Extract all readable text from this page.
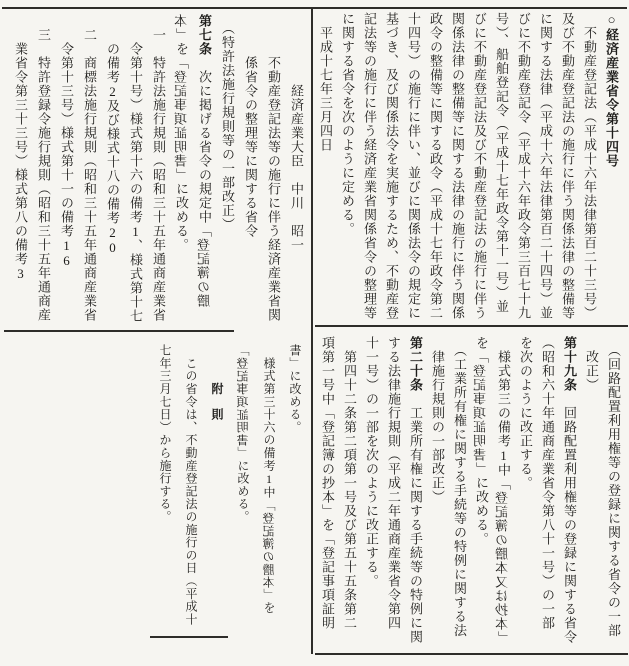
○経済産業省令第十四号
　不動産登記法（平成十六年法律第百二十三号）
及び不動産登記法の施行に伴う関係法律の整備等
に関する法律（平成十六年法律第百二十四号）並
びに不動産登記令（平成十六年政令第三百七十九
号）、船舶登記令（平成十七年政令第十一号）並
びに不動産登記法及び不動産登記法の施行に伴う
関係法律の整備等に関する法律の施行に伴う関係
政令の整備等に関する政令（平成十七年政令第二
十四号）の施行に伴い、並びに関係法令の規定に
基づき、及び関係法令を実施するため、不動産登
記法等の施行に伴う経済産業省関係省令の整理等
に関する省令を次のように定める。
　平成十七年三月四日
　　　　　経済産業大臣　中川　昭一
　　　不動産登記法等の施行に伴う経済産業省関
　　　係省令の整理等に関する省令
　（特許法施行規則等の一部改正）
第七条　次に掲げる省令の規定中「登記簿の謄
本」を「登記事項証明書」に改める。
　一　特許法施行規則（昭和三十五年通商産業省
　　令第十号）様式第十六の備考1、様式第十七
　　の備考2及び様式十八の備考20
　二　商標法施行規則（昭和三十五年通商産業省
　　令第十三号）様式第十一の備考16
　三　特許登録令施行規則（昭和三十五年通商産
　　業省令第三十三号）様式第八の備考3
　（回路配置利用権等の登録に関する省令の一部
　改正）
第十九条　回路配置利用権等の登録に関する省令
（昭和六十年通商産業省令第八十一号）の一部
を次のように改正する。
　様式第三の備考1中「登記簿の謄本又は抄本」
を「登記事項証明書」に改める。
　（工業所有権に関する手続等の特例に関する法
　律施行規則の一部改正）
第二十条　工業所有権に関する手続等の特例に関
する法律施行規則（平成二年通商産業省令第四
十一号）の一部を次のように改正する。
　第四十二条第二項第一号及び第五十五条第二
項第一号中「登記簿の抄本」を「登記事項証明
書」に改める。
　様式第三十六の備考1中「登記簿の謄本」を
「登記事項証明書」に改める。
　　　附　則
　この省令は、不動産登記法の施行の日（平成十
七年三月七日）から施行する。
